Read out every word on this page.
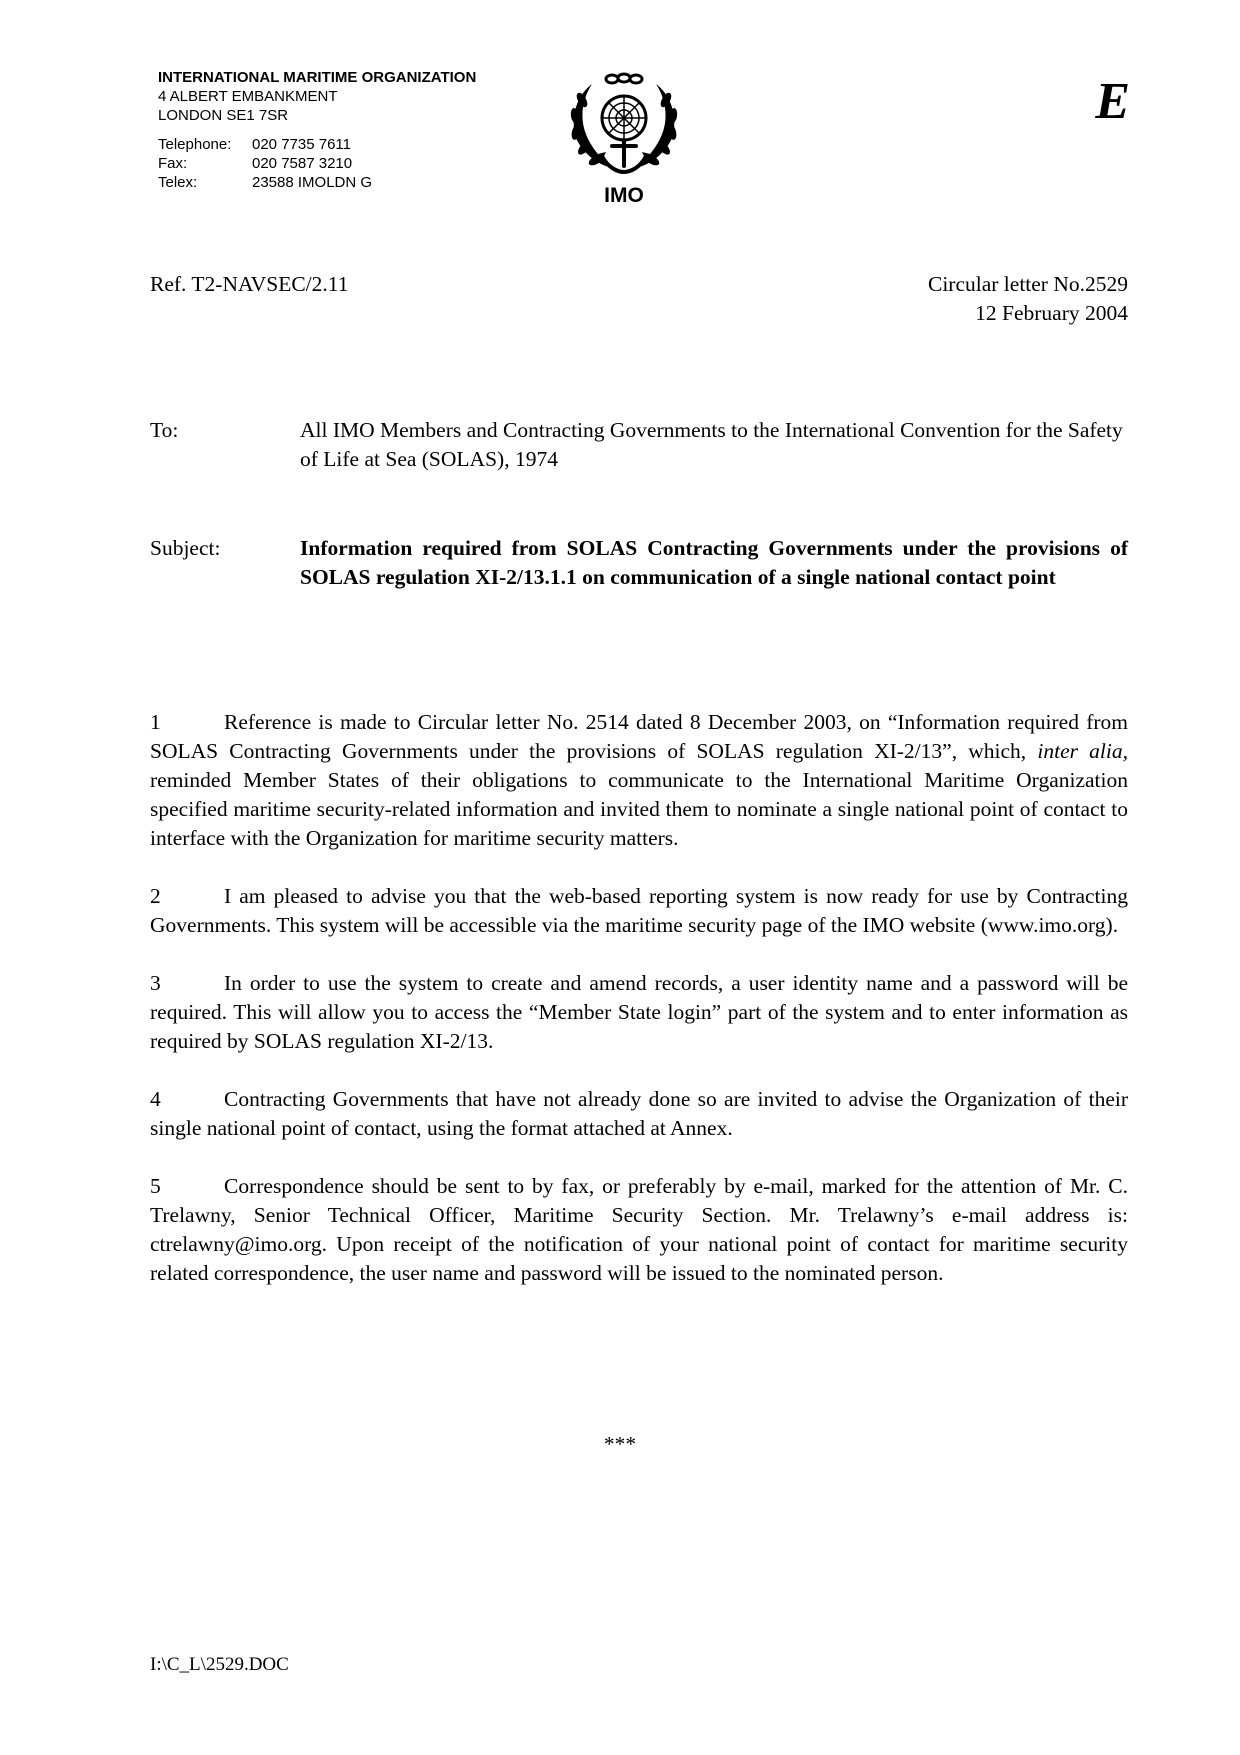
INTERNATIONAL MARITIME ORGANIZATION
4 ALBERT EMBANKMENT
LONDON SE1 7SR
Telephone:	020 7735 7611
Fax:	020 7587 3210
Telex:	23588 IMOLDN G
IMO
E
Ref. T2-NAVSEC/2.11	Circular letter No.2529
12 February 2004
To:	All IMO Members and Contracting Governments to the International Convention for the Safety of Life at Sea (SOLAS), 1974
Subject:	Information required from SOLAS Contracting Governments under the provisions of SOLAS regulation XI-2/13.1.1 on communication of a single national contact point

1	Reference is made to Circular letter No. 2514 dated 8 December 2003, on “Information required from SOLAS Contracting Governments under the provisions of SOLAS regulation XI-2/13”, which, inter alia, reminded Member States of their obligations to communicate to the International Maritime Organization specified maritime security-related information and invited them to nominate a single national point of contact to interface with the Organization for maritime security matters.

2	I am pleased to advise you that the web-based reporting system is now ready for use by Contracting Governments. This system will be accessible via the maritime security page of the IMO website (www.imo.org).

3	In order to use the system to create and amend records, a user identity name and a password will be required. This will allow you to access the “Member State login” part of the system and to enter information as required by SOLAS regulation XI-2/13.

4	Contracting Governments that have not already done so are invited to advise the Organization of their single national point of contact, using the format attached at Annex.

5	Correspondence should be sent to by fax, or preferably by e-mail, marked for the attention of Mr. C. Trelawny, Senior Technical Officer, Maritime Security Section. Mr. Trelawny’s e-mail address is: ctrelawny@imo.org. Upon receipt of the notification of your national point of contact for maritime security related correspondence, the user name and password will be issued to the nominated person.

***
I:\C_L\2529.DOC
